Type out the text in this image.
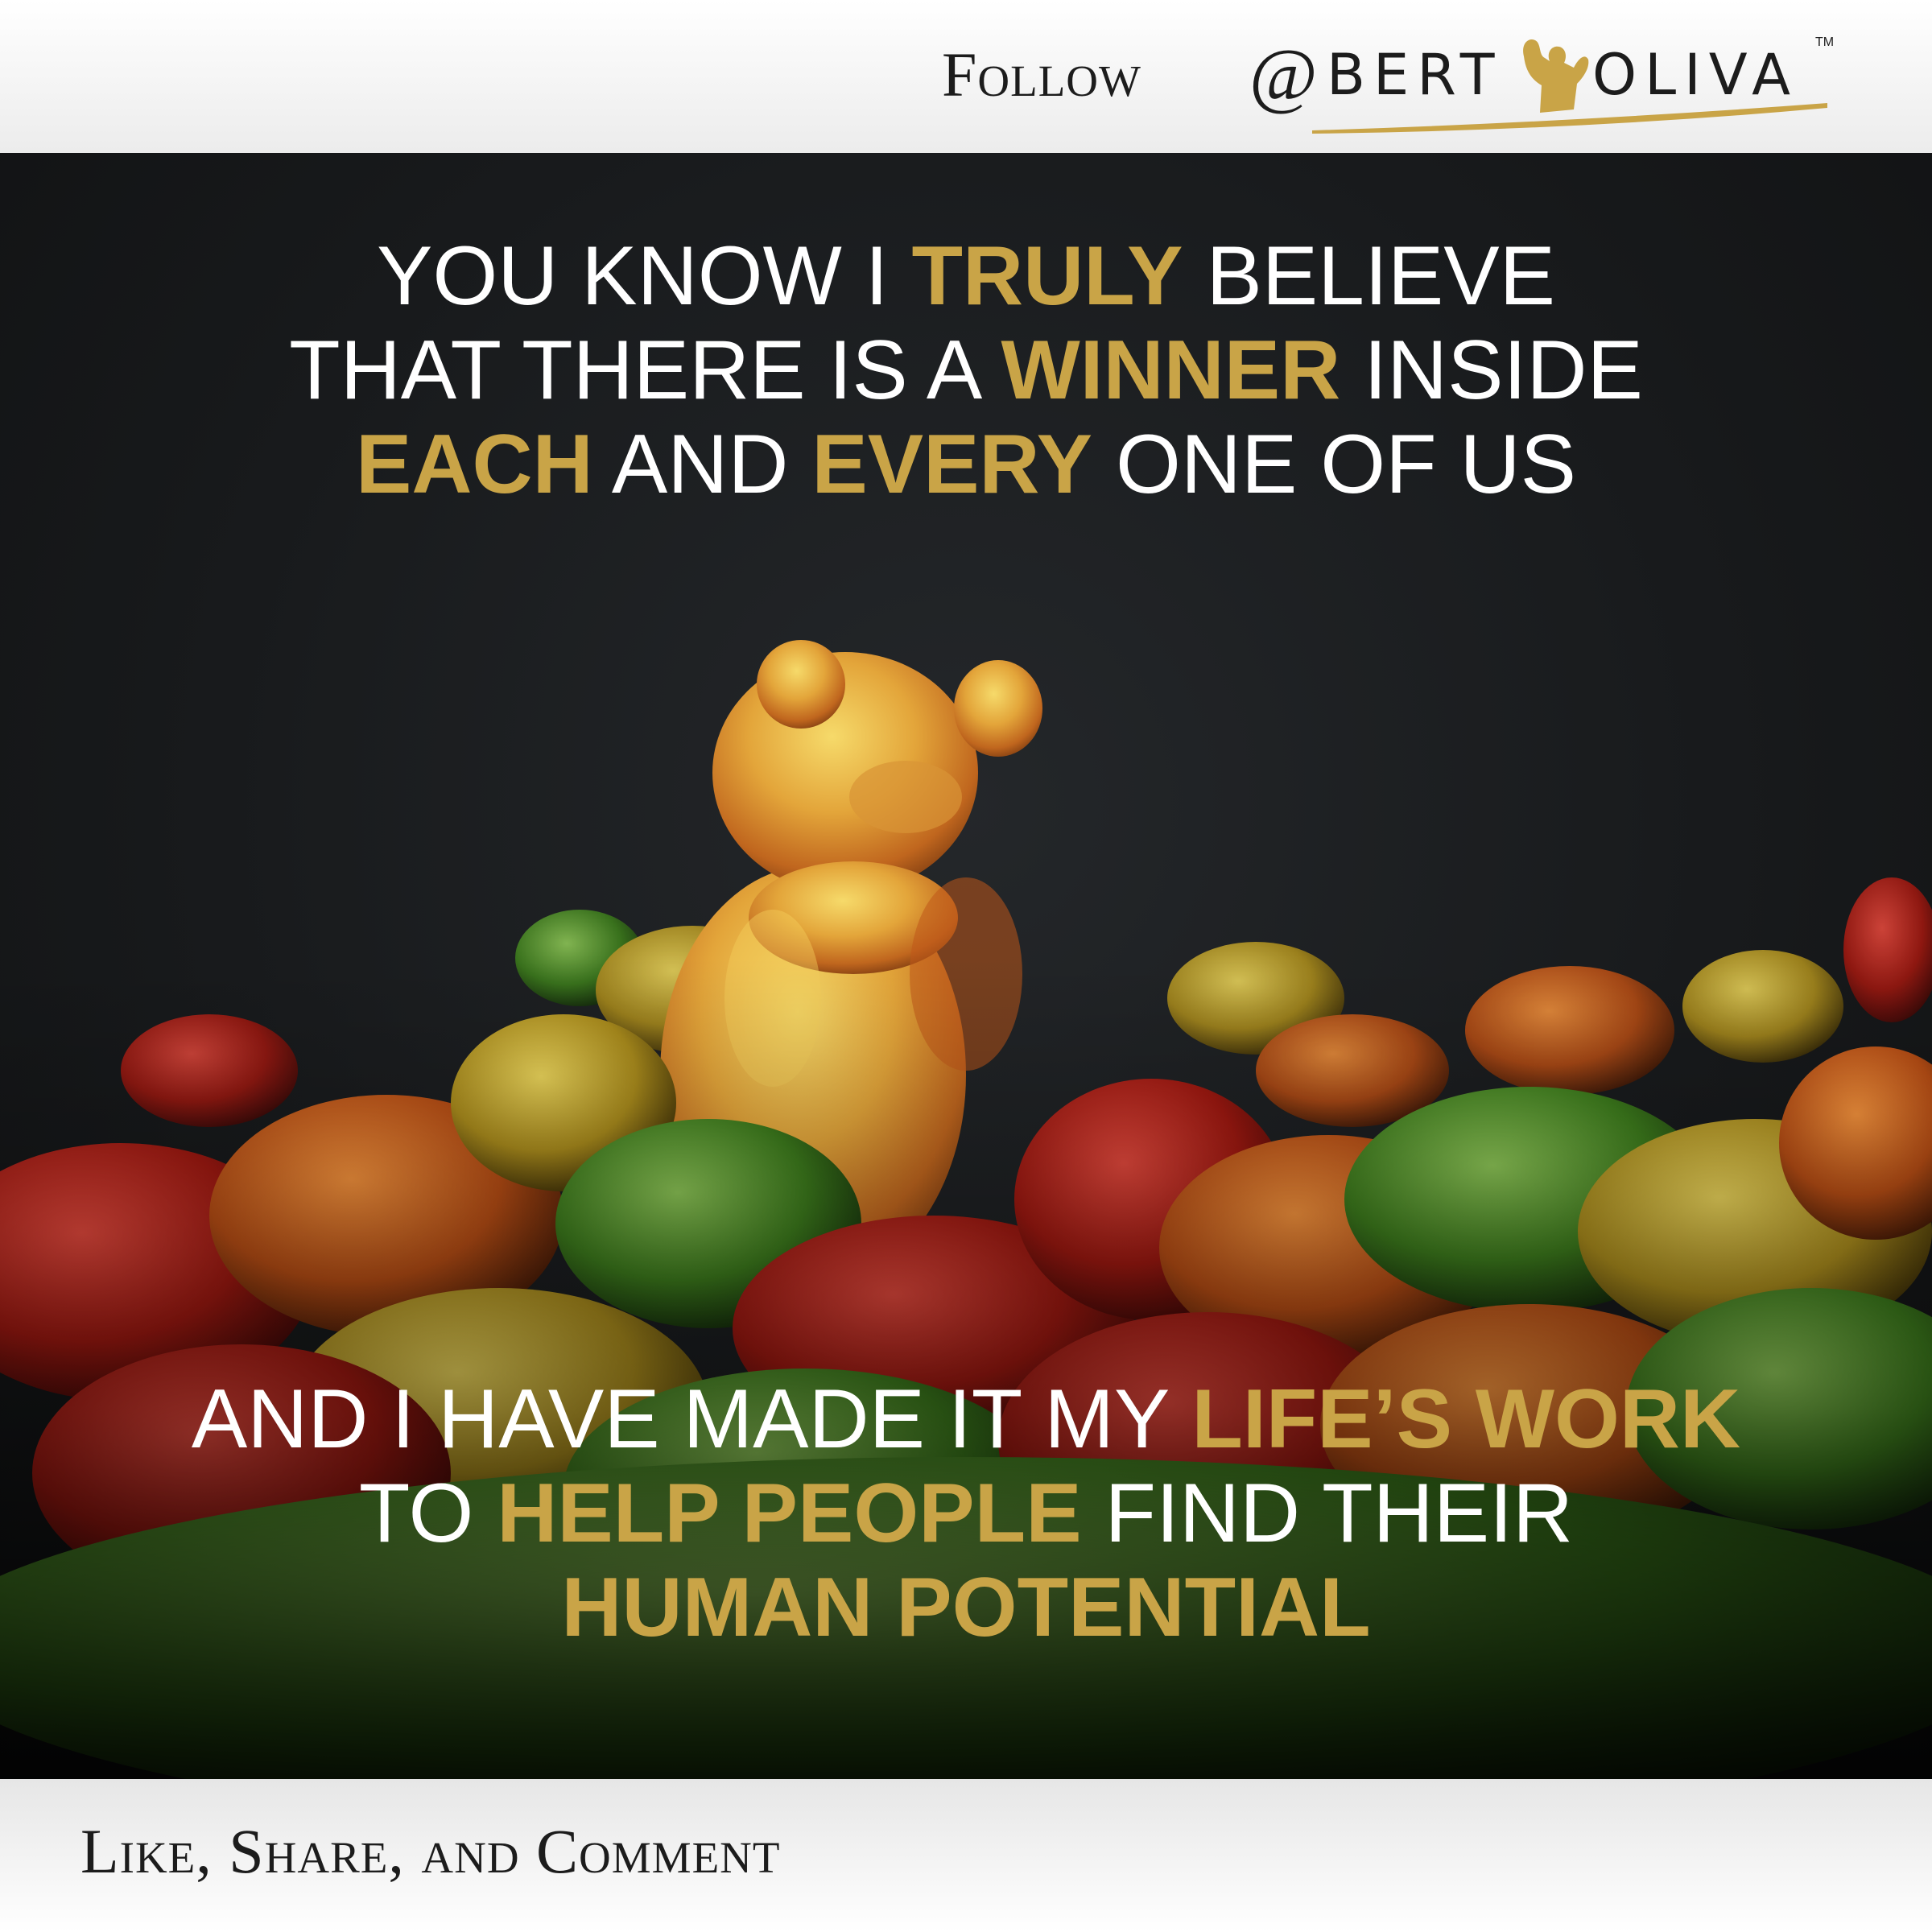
Follow @ BERT OLIVA TM
YOU KNOW I TRULY BELIEVE
THAT THERE IS A WINNER INSIDE
EACH AND EVERY ONE OF US
AND I HAVE MADE IT MY LIFE’S WORK
TO HELP PEOPLE FIND THEIR
HUMAN POTENTIAL
Like, Share, and Comment
